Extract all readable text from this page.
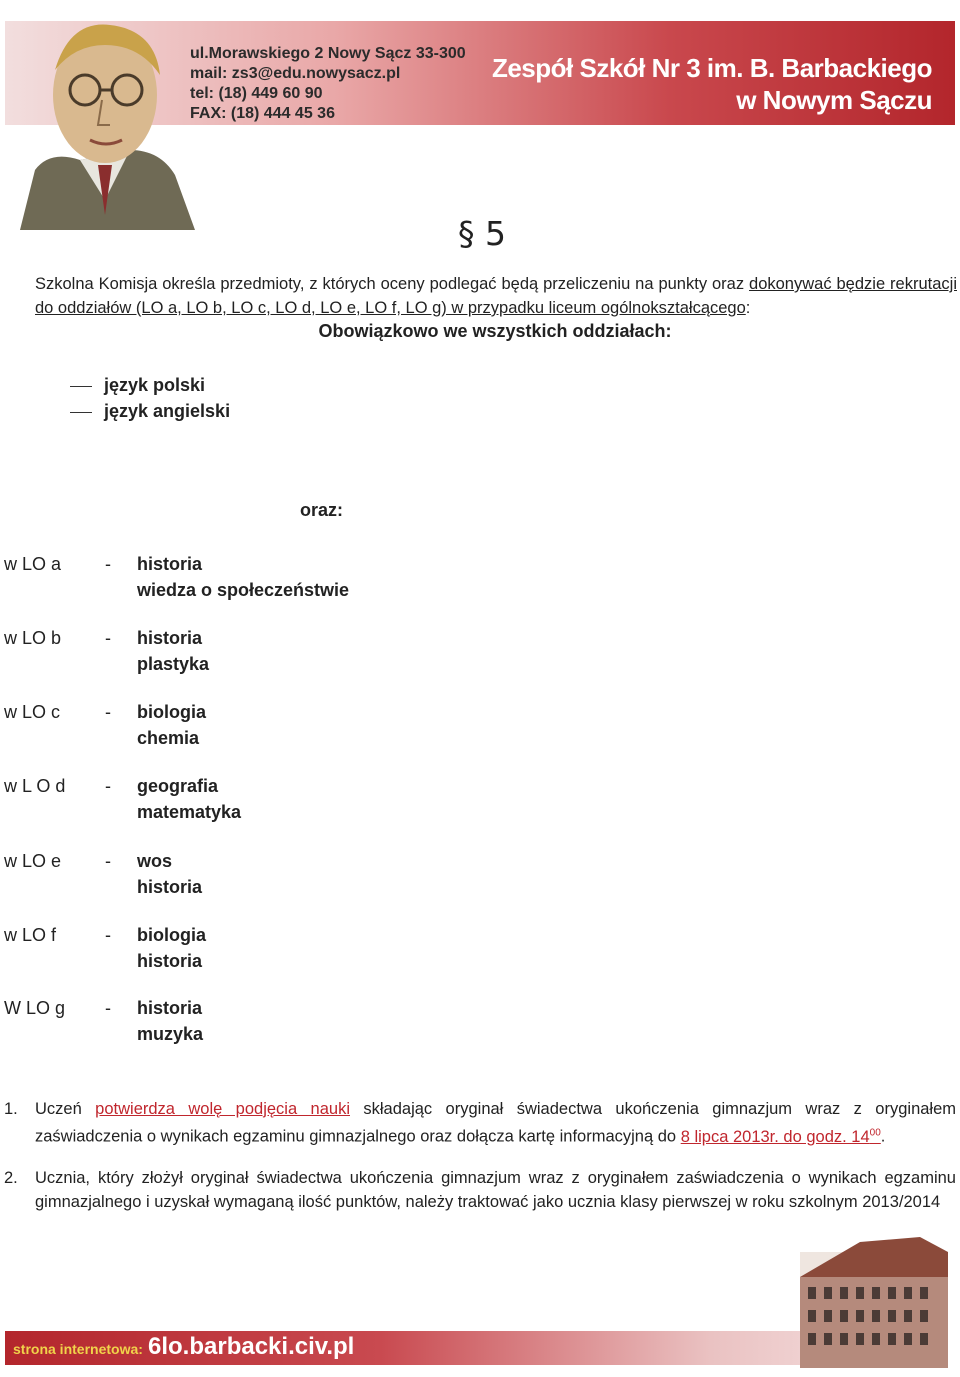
ul.Morawskiego 2 Nowy Sącz 33-300
mail: zs3@edu.nowysacz.pl
tel: (18) 449 60 90
FAX: (18) 444 45 36
Zespół Szkół Nr 3 im. B. Barbackiego
w Nowym Sączu
§ 5
Szkolna Komisja określa przedmioty, z których oceny podlegać będą przeliczeniu na punkty oraz dokonywać będzie rekrutacji do oddziałów (LO a, LO b, LO c, LO d, LO e, LO f, LO g) w przypadku liceum ogólnokształcącego:
Obowiązkowo we wszystkich oddziałach:
język polski
język angielski
oraz:
w LO a - historia
wiedza o społeczeństwie
w LO b - historia
plastyka
w LO c - biologia
chemia
w L O d - geografia
matematyka
w LO e - wos
historia
w LO f	- biologia
historia
W LO g - historia
muzyka
1. Uczeń potwierdza wolę podjęcia nauki składając oryginał świadectwa ukończenia gimnazjum wraz z oryginałem zaświadczenia o wynikach egzaminu gimnazjalnego oraz dołącza kartę informacyjną do 8 lipca 2013r. do godz. $14^{00}$.
2. Ucznia, który złożył oryginał świadectwa ukończenia gimnazjum wraz z oryginałem zaświadczenia o wynikach egzaminu gimnazjalnego i uzyskał wymaganą ilość punktów, należy traktować jako ucznia klasy pierwszej w roku szkolnym 2013/2014
strona internetowa: 6lo.barbacki.civ.pl
